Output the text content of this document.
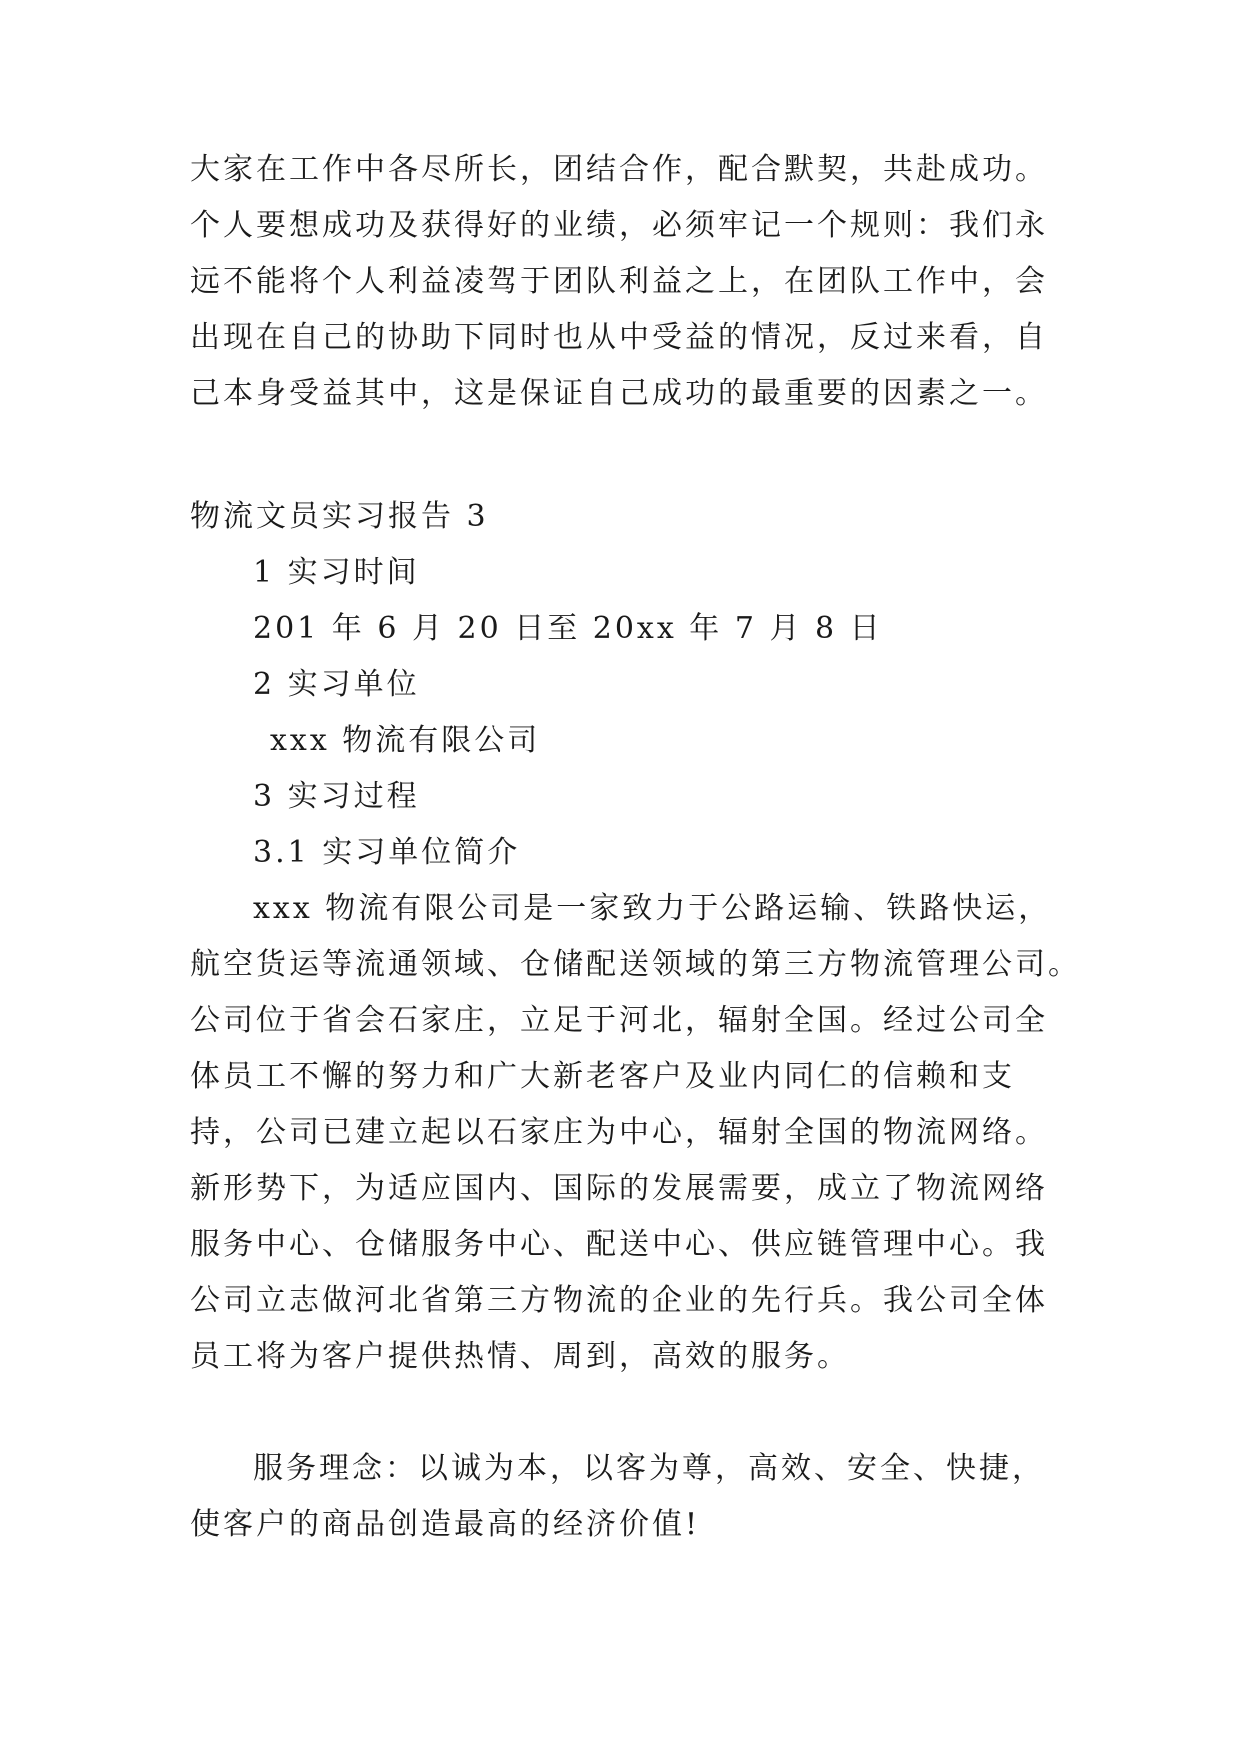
大家在工作中各尽所长，团结合作，配合默契，共赴成功。
个人要想成功及获得好的业绩，必须牢记一个规则：我们永
远不能将个人利益凌驾于团队利益之上，在团队工作中，会
出现在自己的协助下同时也从中受益的情况，反过来看，自
己本身受益其中，这是保证自己成功的最重要的因素之一。
物流文员实习报告 3
1 实习时间
201 年 6 月 20 日至 20xx 年 7 月 8 日
2 实习单位
xxx 物流有限公司
3 实习过程
3.1 实习单位简介
xxx 物流有限公司是一家致力于公路运输、铁路快运，
航空货运等流通领域、仓储配送领域的第三方物流管理公司。
公司位于省会石家庄，立足于河北，辐射全国。经过公司全
体员工不懈的努力和广大新老客户及业内同仁的信赖和支
持，公司已建立起以石家庄为中心，辐射全国的物流网络。
新形势下，为适应国内、国际的发展需要，成立了物流网络
服务中心、仓储服务中心、配送中心、供应链管理中心。我
公司立志做河北省第三方物流的企业的先行兵。我公司全体
员工将为客户提供热情、周到，高效的服务。
服务理念：以诚为本，以客为尊，高效、安全、快捷，
使客户的商品创造最高的经济价值!
